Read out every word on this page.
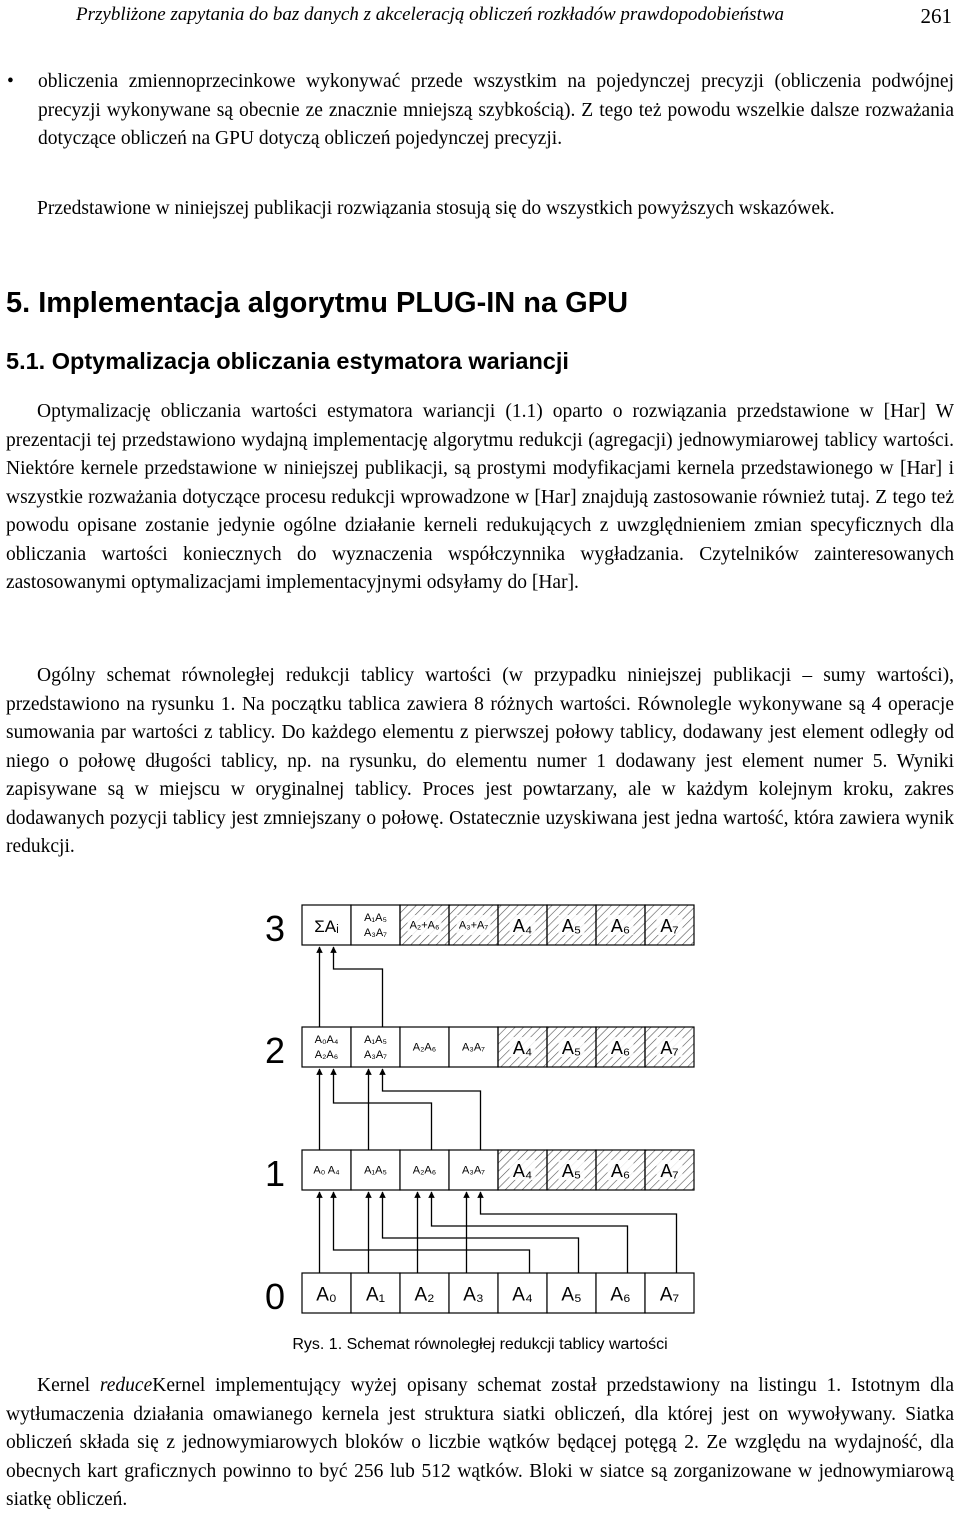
Przybliżone zapytania do baz danych z akceleracją obliczeń rozkładów prawdopodobieństwa	261
• obliczenia zmiennoprzecinkowe wykonywać przede wszystkim na pojedynczej precyzji (obliczenia podwójnej precyzji wykonywane są obecnie ze znacznie mniejszą szybkością). Z tego też powodu wszelkie dalsze rozważania dotyczące obliczeń na GPU dotyczą obliczeń pojedynczej precyzji.
Przedstawione w niniejszej publikacji rozwiązania stosują się do wszystkich powyższych wskazówek.
5. Implementacja algorytmu PLUG-IN na GPU
5.1. Optymalizacja obliczania estymatora wariancji
Optymalizację obliczania wartości estymatora wariancji (1.1) oparto o rozwiązania przedstawione w [Har] W prezentacji tej przedstawiono wydajną implementację algorytmu redukcji (agregacji) jednowymiarowej tablicy wartości. Niektóre kernele przedstawione w niniejszej publikacji, są prostymi modyfikacjami kernela przedstawionego w [Har] i wszystkie rozważania dotyczące procesu redukcji wprowadzone w [Har] znajdują zastosowanie również tutaj. Z tego też powodu opisane zostanie jedynie ogólne działanie kerneli redukujących z uwzględnieniem zmian specyficznych dla obliczania wartości koniecznych do wyznaczenia współczynnika wygładzania. Czytelników zainteresowanych zastosowanymi optymalizacjami implementacyjnymi odsyłamy do [Har].
Ogólny schemat równoległej redukcji tablicy wartości (w przypadku niniejszej publikacji – sumy wartości), przedstawiono na rysunku 1. Na początku tablica zawiera 8 różnych wartości. Równolegle wykonywane są 4 operacje sumowania par wartości z tablicy. Do każdego elementu z pierwszej połowy tablicy, dodawany jest element odległy od niego o połowę długości tablicy, np. na rysunku, do elementu numer 1 dodawany jest element numer 5. Wyniki zapisywane są w miejscu w oryginalnej tablicy. Proces jest powtarzany, ale w każdym kolejnym kroku, zakres dodawanych pozycji tablicy jest zmniejszany o połowę. Ostatecznie uzyskiwana jest jedna wartość, która zawiera wynik redukcji.
3 ΣAᵢ A₁A₅
A₃A₇
A₂+A₆ A₃+A₇ A₄ A₅ A₆ A₇
2	A₀A₄
A₂A₆
A₁A₅
A₃A₇
A₂A₆ A₃A₇ A₄ A₅ A₆ A₇
1	A₀ A₄ A₁A₅ A₂A₆ A₃A₇ A₄ A₅ A₆ A₇
0 A₀ A₁ A₂ A₃ A₄ A₅ A₆ A₇
Rys. 1. Schemat równoległej redukcji tablicy wartości
Kernel reduceKernel implementujący wyżej opisany schemat został przedstawiony na listingu 1. Istotnym dla wytłumaczenia działania omawianego kernela jest struktura siatki obliczeń, dla której jest on wywoływany. Siatka obliczeń składa się z jednowymiarowych bloków o liczbie wątków będącej potęgą 2. Ze względu na wydajność, dla obecnych kart graficznych powinno to być 256 lub 512 wątków. Bloki w siatce są zorganizowane w jednowymiarową siatkę obliczeń.
